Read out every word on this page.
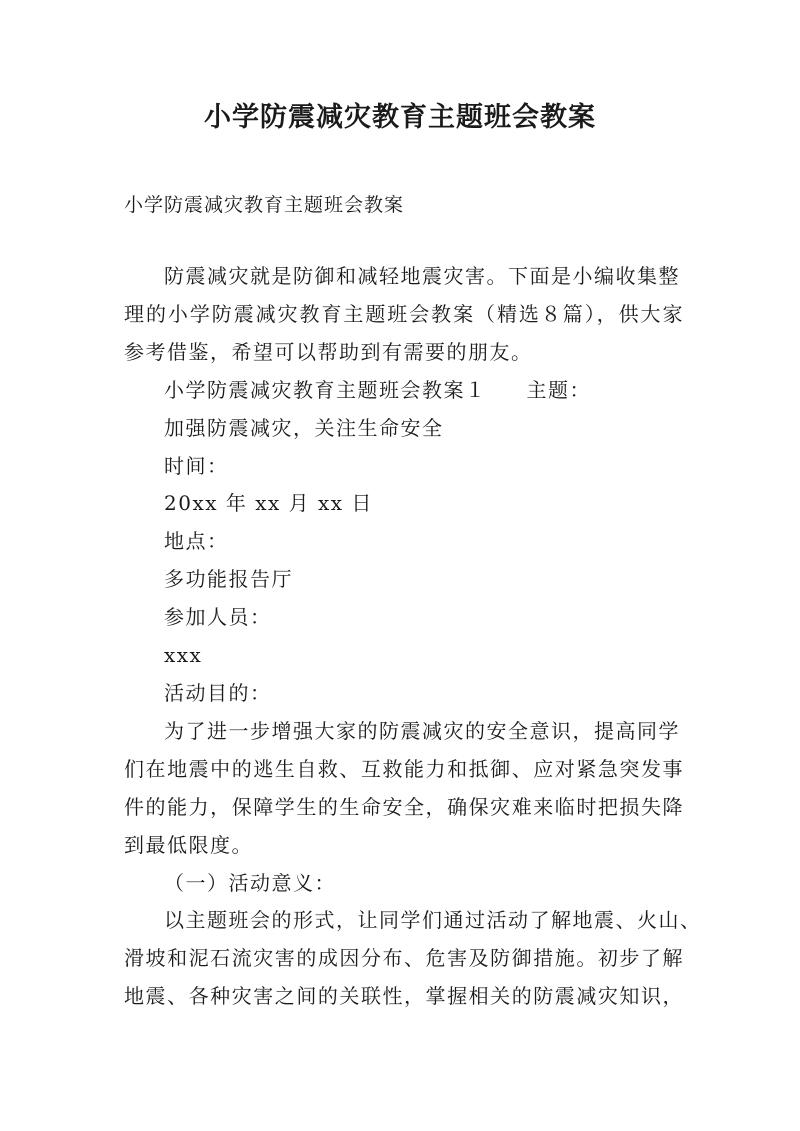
小学防震减灾教育主题班会教案
小学防震减灾教育主题班会教案

防震减灾就是防御和减轻地震灾害。下面是小编收集整
理的小学防震减灾教育主题班会教案（精选８篇），供大家
参考借鉴，希望可以帮助到有需要的朋友。

小学防震减灾教育主题班会教案１ 主题：

加强防震减灾，关注生命安全

时间：

20xx 年 xx 月 xx 日

地点：

多功能报告厅

参加人员：

xxx

活动目的：

为了进一步增强大家的防震减灾的安全意识，提高同学
们在地震中的逃生自救、互救能力和抵御、应对紧急突发事
件的能力，保障学生的生命安全，确保灾难来临时把损失降
到最低限度。

（一）活动意义：

以主题班会的形式，让同学们通过活动了解地震、火山、
滑坡和泥石流灾害的成因分布、危害及防御措施。初步了解
地震、各种灾害之间的关联性，掌握相关的防震减灾知识，
